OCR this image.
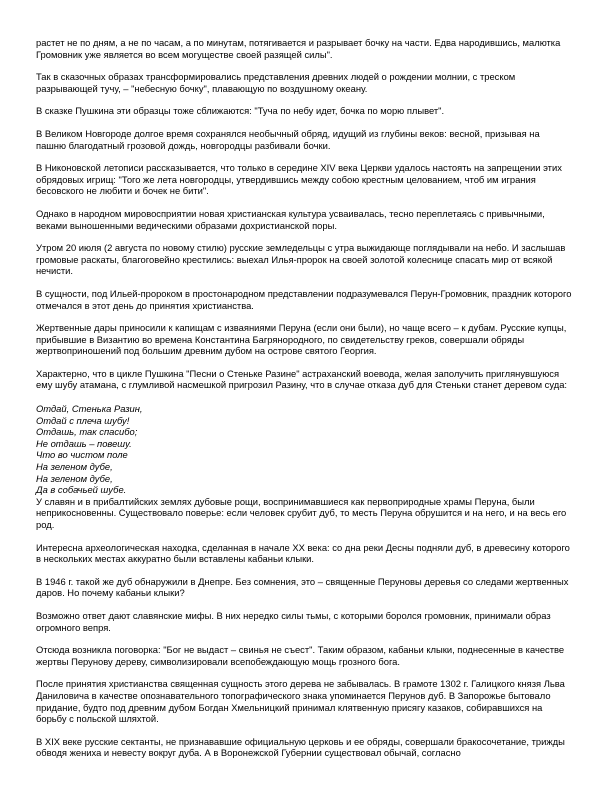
растет не по дням, а не по часам, а по минутам, потягивается и разрывает бочку на части. Едва народившись, малютка Громовник уже является во всем могуществе своей разящей силы".

Так в сказочных образах трансформировались представления древних людей о рождении молнии, с треском разрывающей тучу, – "небесную бочку", плавающую по воздушному океану.

В сказке Пушкина эти образцы тоже сближаются: "Туча по небу идет, бочка по морю плывет".

В Великом Новгороде долгое время сохранялся необычный обряд, идущий из глубины веков: весной, призывая на пашню благодатный грозовой дождь, новгородцы разбивали бочки.

В Никоновской летописи рассказывается, что только в середине XIV века Церкви удалось настоять на запрещении этих обрядовых игрищ: "Того же лета новгородцы, утвердившись между собою крестным целованием, чтоб им играния бесовского не любити и бочек не бити".

Однако в народном мировосприятии новая христианская культура усваивалась, тесно переплетаясь с привычными, веками выношенными ведическими образами дохристианской поры.

Утром 20 июля (2 августа по новому стилю) русские земледельцы с утра выжидающе поглядывали на небо. И заслышав громовые раскаты, благоговейно крестились: выехал Илья-пророк на своей золотой колеснице спасать мир от всякой нечисти.

В сущности, под Ильей-пророком в простонародном представлении подразумевался Перун-Громовник, праздник которого отмечался в этот день до принятия христианства.

Жертвенные дары приносили к капищам с изваяниями Перуна (если они были), но чаще всего – к дубам. Русские купцы, прибывшие в Византию во времена Константина Багрянородного, по свидетельству греков, совершали обряды жертвоприношений под большим древним дубом на острове святого Георгия.

Характерно, что в цикле Пушкина "Песни о Стеньке Разине" астраханский воевода, желая заполучить приглянувшуюся ему шубу атамана, с глумливой насмешкой пригрозил Разину, что в случае отказа дуб для Стеньки станет деревом суда:

Отдай, Стенька Разин,
Отдай с плеча шубу!
Отдашь, так спасибо;
Не отдашь – повешу.
Что во чистом поле
На зеленом дубе,
На зеленом дубе,
Да в собачьей шубе.

У славян и в прибалтийских землях дубовые рощи, воспринимавшиеся как первоприродные храмы Перуна, были неприкосновенны. Существовало поверье: если человек срубит дуб, то месть Перуна обрушится и на него, и на весь его род.

Интересна археологическая находка, сделанная в начале XX века: со дна реки Десны подняли дуб, в древесину которого в нескольких местах аккуратно были вставлены кабаньи клыки.

В 1946 г. такой же дуб обнаружили в Днепре. Без сомнения, это – священные Перуновы деревья со следами жертвенных даров. Но почему кабаньи клыки?

Возможно ответ дают славянские мифы. В них нередко силы тьмы, с которыми боролся громовник, принимали образ огромного вепря.

Отсюда возникла поговорка: "Бог не выдаст – свинья не съест". Таким образом, кабаньи клыки, поднесенные в качестве жертвы Перунову дереву, символизировали всепобеждающую мощь грозного бога.

После принятия христианства священная сущность этого дерева не забывалась. В грамоте 1302 г. Галицкого князя Льва Даниловича в качестве опознавательного топографического знака упоминается Перунов дуб. В Запорожье бытовало придание, будто под древним дубом Богдан Хмельницкий принимал клятвенную присягу казаков, собиравшихся на борьбу с польской шляхтой.

В XIX веке русские сектанты, не признававшие официальную церковь и ее обряды, совершали бракосочетание, трижды обводя жениха и невесту вокруг дуба. А в Воронежской Губернии существовал обычай, согласно
